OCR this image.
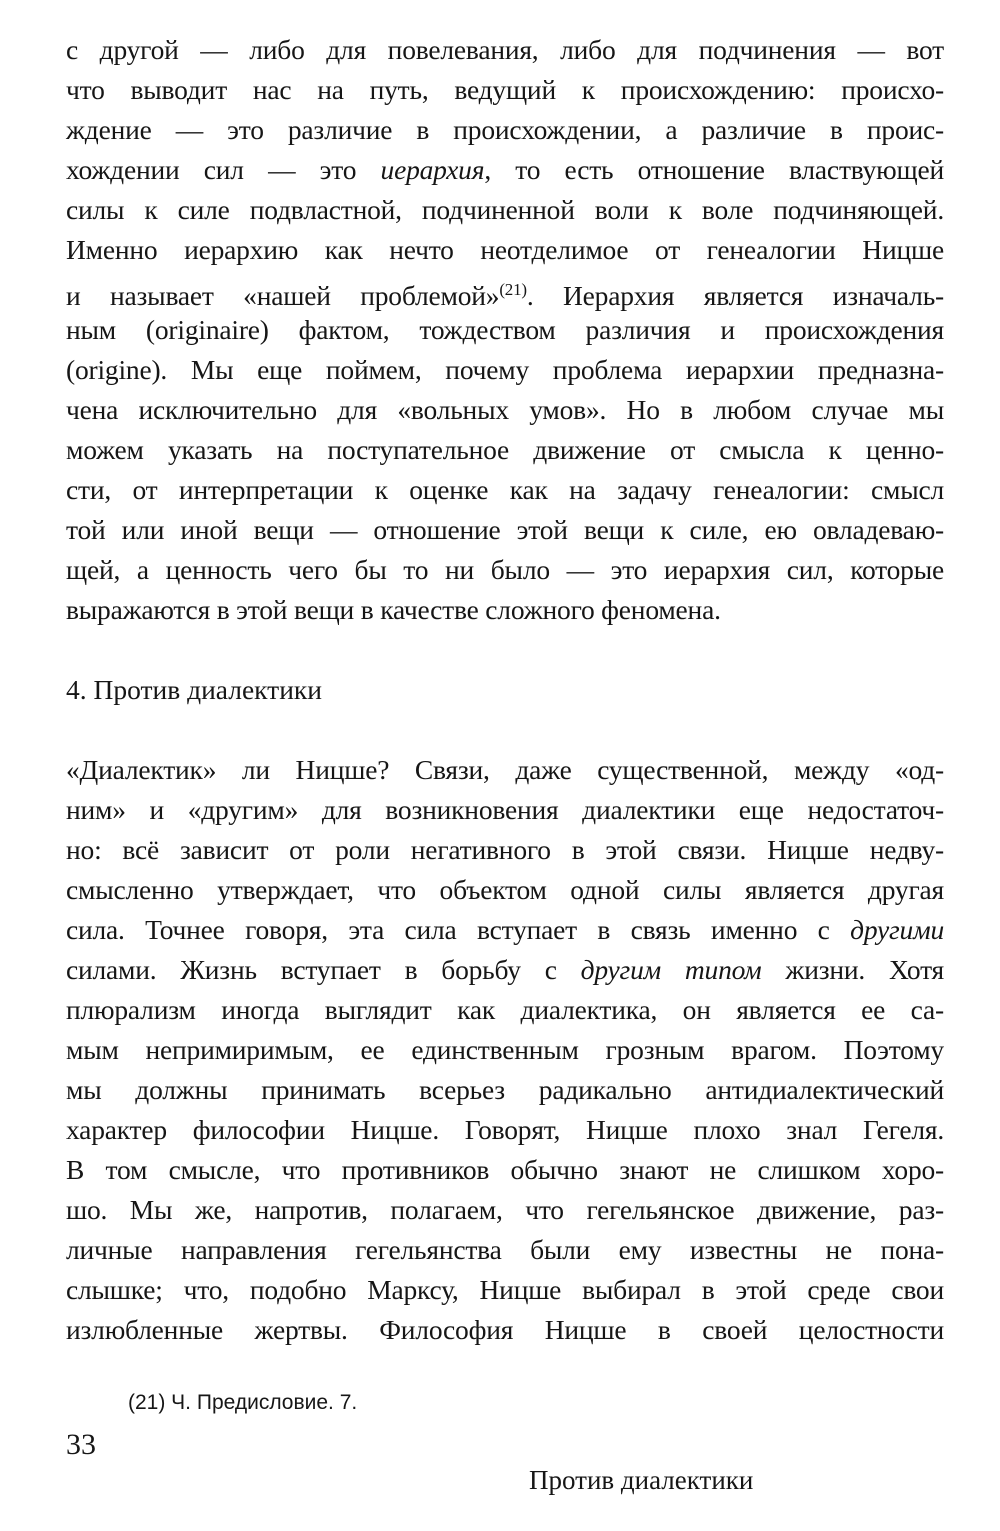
с другой — либо для повелевания, либо для подчинения — вот
что выводит нас на путь, ведущий к происхождению: происхо-
ждение — это различие в происхождении, а различие в проис-
хождении сил — это иерархия, то есть отношение властвующей
силы к силе подвластной, подчиненной воли к воле подчиняющей.
Именно иерархию как нечто неотделимое от генеалогии Ницше
и называет «нашей проблемой»$^{(21)}$. Иерархия является изначаль-
ным (originaire) фактом, тождеством различия и происхождения
(origine). Мы еще поймем, почему проблема иерархии предназна-
чена исключительно для «вольных умов». Но в любом случае мы
можем указать на поступательное движение от смысла к ценно-
сти, от интерпретации к оценке как на задачу генеалогии: смысл
той или иной вещи — отношение этой вещи к силе, ею овладеваю-
щей, а ценность чего бы то ни было — это иерархия сил, которые
выражаются в этой вещи в качестве сложного феномена.
4. Против диалектики
«Диалектик» ли Ницше? Связи, даже существенной, между «од-
ним» и «другим» для возникновения диалектики еще недостаточ-
но: всё зависит от роли негативного в этой связи. Ницше недву-
смысленно утверждает, что объектом одной силы является другая
сила. Точнее говоря, эта сила вступает в связь именно с другими
силами. Жизнь вступает в борьбу с другим типом жизни. Хотя
плюрализм иногда выглядит как диалектика, он является ее са-
мым непримиримым, ее единственным грозным врагом. Поэтому
мы должны принимать всерьез радикально антидиалектический
характер философии Ницше. Говорят, Ницше плохо знал Гегеля.
В том смысле, что противников обычно знают не слишком хоро-
шо. Мы же, напротив, полагаем, что гегельянское движение, раз-
личные направления гегельянства были ему известны не пона-
слышке; что, подобно Марксу, Ницше выбирал в этой среде свои
излюбленные жертвы. Философия Ницше в своей целостности
(21) Ч. Предисловие. 7.
33
Против диалектики
